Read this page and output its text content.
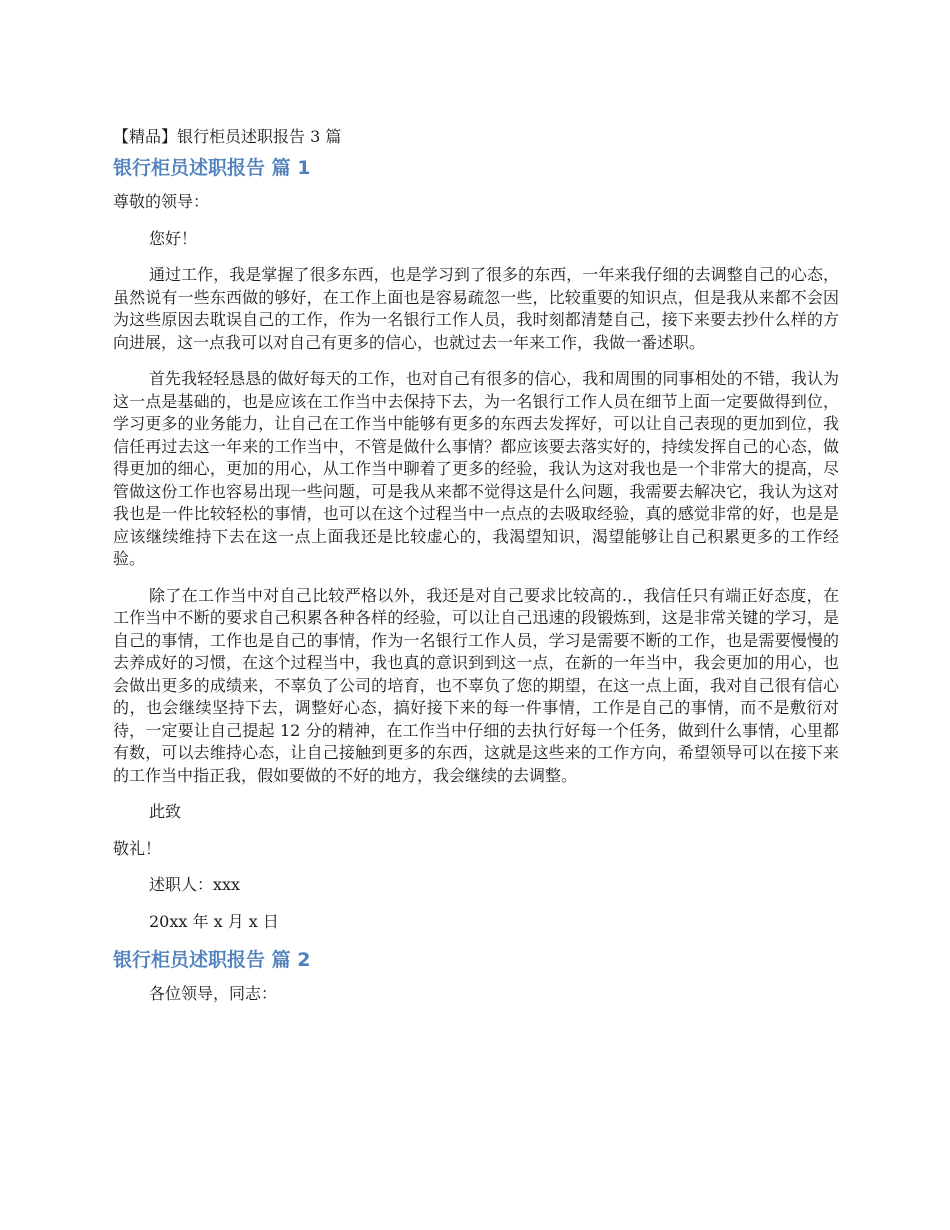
【精品】银行柜员述职报告 3 篇
银行柜员述职报告 篇 1
尊敬的领导：
您好！

通过工作，我是掌握了很多东西，也是学习到了很多的东西，一年来我仔细的去调整自己的心态，虽然说有一些东西做的够好，在工作上面也是容易疏忽一些，比较重要的知识点，但是我从来都不会因为这些原因去耽误自己的工作，作为一名银行工作人员，我时刻都清楚自己，接下来要去抄什么样的方向进展，这一点我可以对自己有更多的信心，也就过去一年来工作，我做一番述职。

首先我轻轻恳恳的做好每天的工作，也对自己有很多的信心，我和周围的同事相处的不错，我认为这一点是基础的，也是应该在工作当中去保持下去，为一名银行工作人员在细节上面一定要做得到位，学习更多的业务能力，让自己在工作当中能够有更多的东西去发挥好，可以让自己表现的更加到位，我信任再过去这一年来的工作当中，不管是做什么事情？都应该要去落实好的，持续发挥自己的心态，做得更加的细心，更加的用心，从工作当中聊着了更多的经验，我认为这对我也是一个非常大的提高，尽管做这份工作也容易出现一些问题，可是我从来都不觉得这是什么问题，我需要去解决它，我认为这对我也是一件比较轻松的事情，也可以在这个过程当中一点点的去吸取经验，真的感觉非常的好，也是是应该继续维持下去在这一点上面我还是比较虚心的，我渴望知识，渴望能够让自己积累更多的工作经验。

除了在工作当中对自己比较严格以外，我还是对自己要求比较高的.，我信任只有端正好态度，在工作当中不断的要求自己积累各种各样的经验，可以让自己迅速的段锻炼到，这是非常关键的学习，是自己的事情，工作也是自己的事情，作为一名银行工作人员，学习是需要不断的工作，也是需要慢慢的去养成好的习惯，在这个过程当中，我也真的意识到到这一点，在新的一年当中，我会更加的用心，也会做出更多的成绩来，不辜负了公司的培育，也不辜负了您的期望，在这一点上面，我对自己很有信心的，也会继续坚持下去，调整好心态，搞好接下来的每一件事情，工作是自己的事情，而不是敷衍对待，一定要让自己提起 12 分的精神，在工作当中仔细的去执行好每一个任务，做到什么事情，心里都有数，可以去维持心态，让自己接触到更多的东西，这就是这些来的工作方向，希望领导可以在接下来的工作当中指正我，假如要做的不好的地方，我会继续的去调整。

此致
敬礼！
述职人：xxx
20xx 年 x 月 x 日
银行柜员述职报告 篇 2
各位领导，同志：
